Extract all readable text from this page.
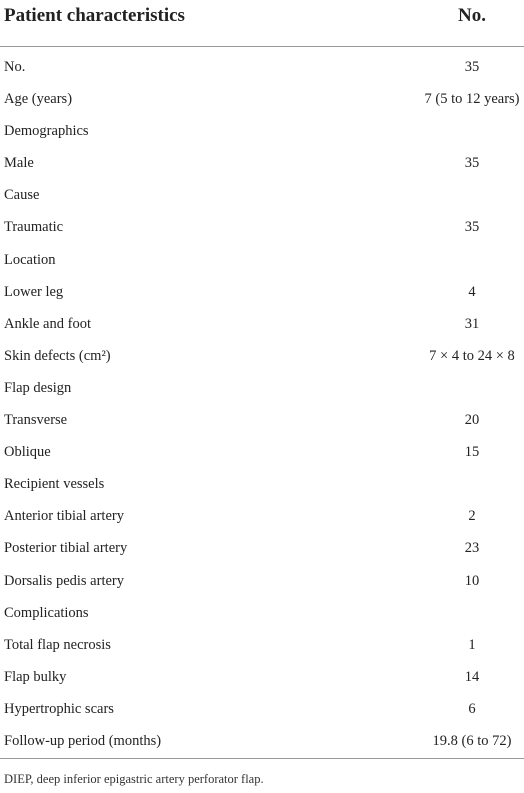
Patient characteristics	No.
No.	35
Age (years)	7 (5 to 12 years)
Demographics
Male	35
Cause
Traumatic	35
Location
Lower leg	4
Ankle and foot	31
Skin defects (cm²)	7 × 4 to 24 × 8
Flap design
Transverse	20
Oblique	15
Recipient vessels
Anterior tibial artery	2
Posterior tibial artery	23
Dorsalis pedis artery	10
Complications
Total flap necrosis	1
Flap bulky	14
Hypertrophic scars	6
Follow-up period (months)	19.8 (6 to 72)
DIEP, deep inferior epigastric artery perforator flap.
